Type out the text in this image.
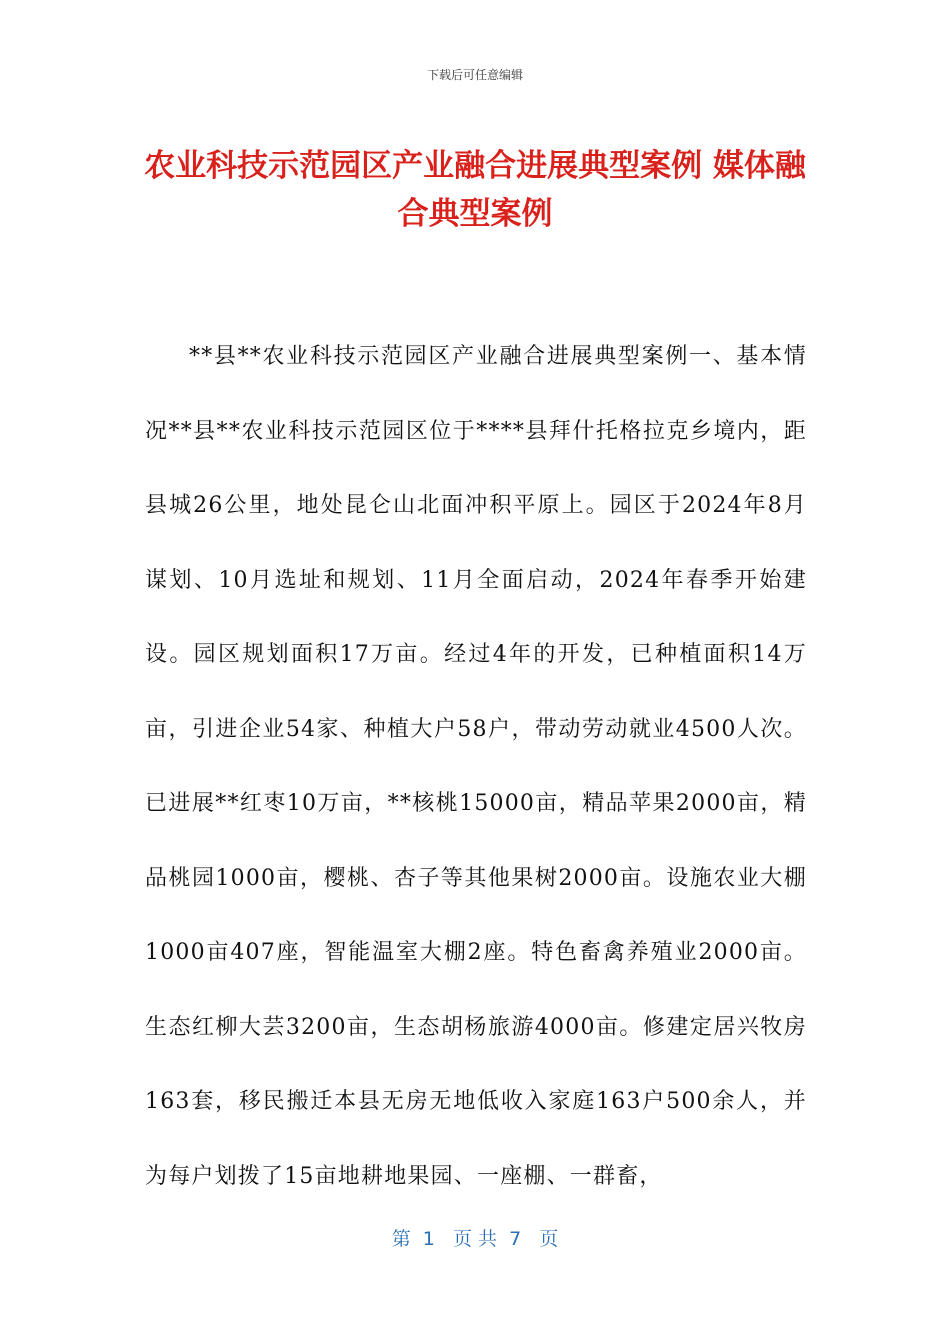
下载后可任意编辑
农业科技示范园区产业融合进展典型案例 媒体融合典型案例

**县**农业科技示范园区产业融合进展典型案例一、基本情况**县**农业科技示范园区位于****县拜什托格拉克乡境内，距县城26公里，地处昆仑山北面冲积平原上。园区于2024年8月谋划、10月选址和规划、11月全面启动，2024年春季开始建设。园区规划面积17万亩。经过4年的开发，已种植面积14万亩，引进企业54家、种植大户58户，带动劳动就业4500人次。已进展**红枣10万亩，**核桃15000亩，精品苹果2000亩，精品桃园1000亩，樱桃、杏子等其他果树2000亩。设施农业大棚1000亩407座，智能温室大棚2座。特色畜禽养殖业2000亩。生态红柳大芸3200亩，生态胡杨旅游4000亩。修建定居兴牧房163套，移民搬迁本县无房无地低收入家庭163户500余人，并为每户划拨了15亩地耕地果园、一座棚、一群畜，

第  1   页 共  7   页
